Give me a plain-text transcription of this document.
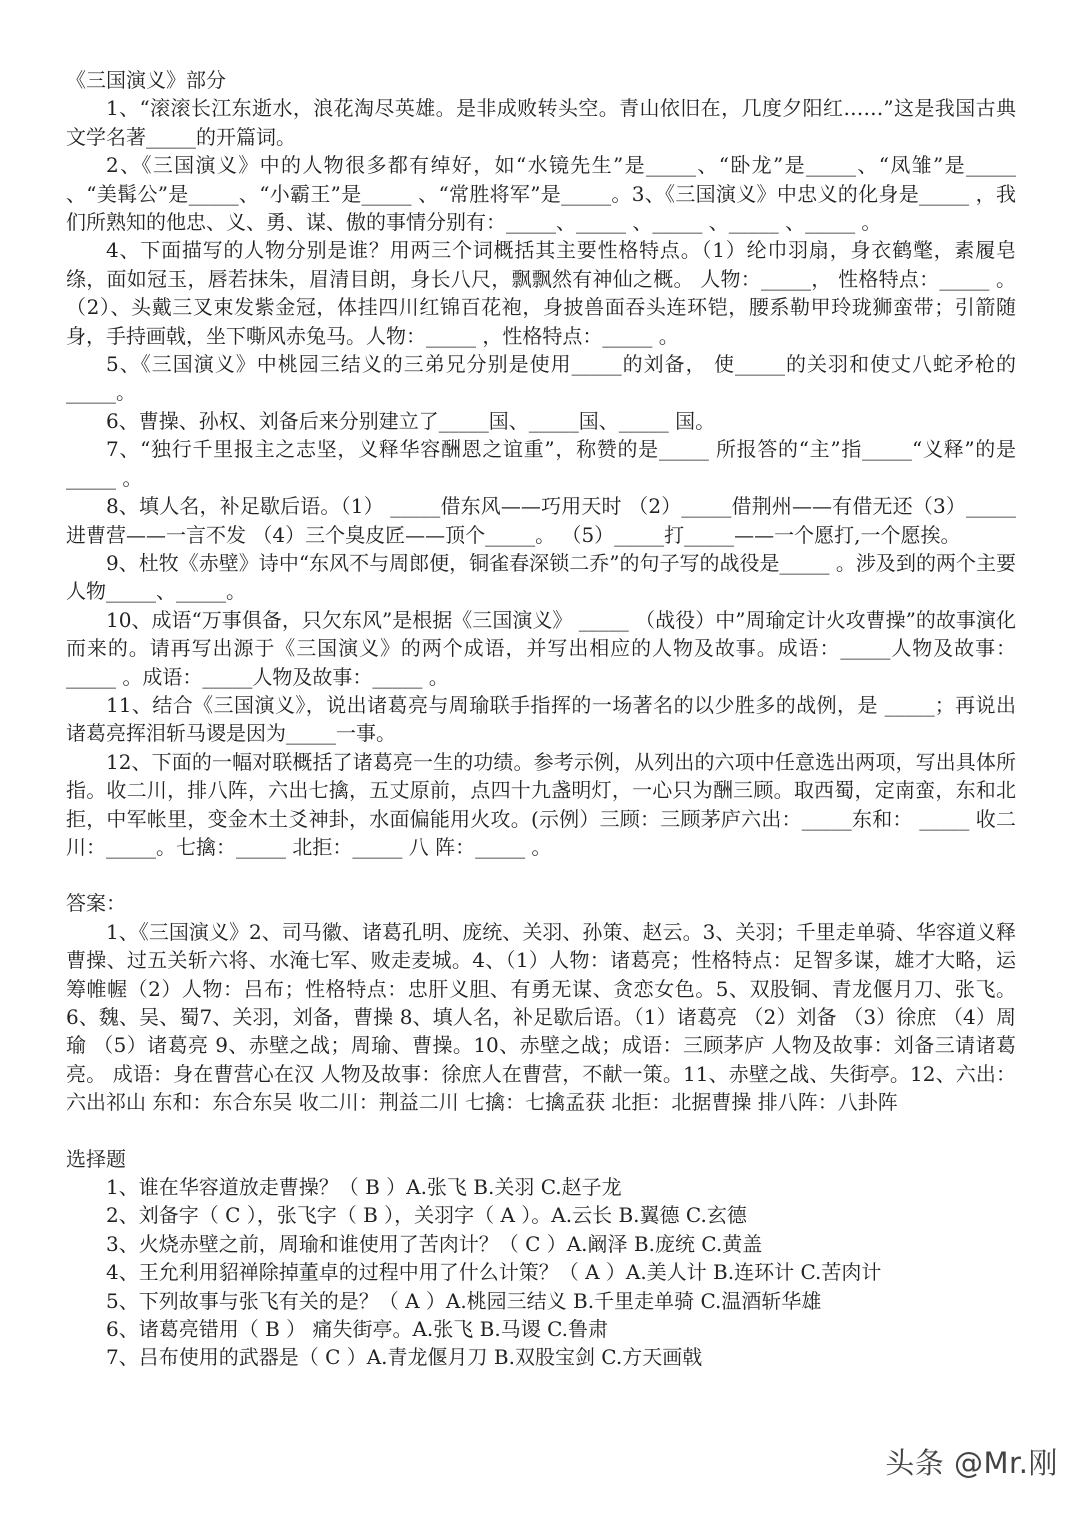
《三国演义》部分

1、“滚滚长江东逝水，浪花淘尽英雄。是非成败转头空。青山依旧在，几度夕阳红……”这是我国古典文学名著_____的开篇词。

2、《三国演义》中的人物很多都有绰好，如“水镜先生”是_____、“卧龙”是_____、“凤雏”是_____ 、“美髯公”是_____、“小霸王”是_____ 、“常胜将军”是_____。3、《三国演义》中忠义的化身是_____ ，我们所熟知的他忠、义、勇、谋、傲的事情分别有：_____、_____ 、_____ 、_____ 、_____ 。

4、下面描写的人物分别是谁？用两三个词概括其主要性格特点。（1）纶巾羽扇，身衣鹤氅，素履皂绦，面如冠玉，唇若抹朱，眉清目朗，身长八尺，飘飘然有神仙之概。 人物：_____， 性格特点：_____ 。（2）、头戴三叉束发紫金冠，体挂四川红锦百花袍，身披兽面吞头连环铠，腰系勒甲玲珑狮蛮带；引箭随身，手持画戟，坐下嘶风赤兔马。人物：_____ ，性格特点：_____ 。

5、《三国演义》中桃园三结义的三弟兄分别是使用_____的刘备， 使_____的关羽和使丈八蛇矛枪的_____。

6、曹操、孙权、刘备后来分别建立了_____国、_____国、_____ 国。

7、“独行千里报主之志坚，义释华容酬恩之谊重”，称赞的是_____ 所报答的“主”指_____“义释”的是_____ 。

8、填人名，补足歇后语。（1） _____借东风——巧用天时 （2）_____借荆州——有借无还（3）_____进曹营——一言不发 （4）三个臭皮匠——顶个_____。 （5）_____打_____——一个愿打,一个愿挨。

9、杜牧《赤壁》诗中“东风不与周郎便，铜雀春深锁二乔”的句子写的战役是_____ 。涉及到的两个主要人物_____、_____。

10、成语“万事俱备，只欠东风”是根据《三国演义》 _____ （战役）中”周瑜定计火攻曹操”的故事演化而来的。请再写出源于《三国演义》的两个成语，并写出相应的人物及故事。成语：_____人物及故事：_____ 。成语：_____人物及故事：_____ 。

11、结合《三国演义》，说出诸葛亮与周瑜联手指挥的一场著名的以少胜多的战例，是 _____；再说出诸葛亮挥泪斩马谡是因为_____一事。

12、下面的一幅对联概括了诸葛亮一生的功绩。参考示例，从列出的六项中任意选出两项，写出具体所指。收二川，排八阵，六出七擒，五丈原前，点四十九盏明灯，一心只为酬三顾。取西蜀，定南蛮，东和北拒，中军帐里，变金木土爻神卦，水面偏能用火攻。(示例）三顾：三顾茅庐六出：_____东和： _____ 收二川：_____。七擒：_____ 北拒：_____ 八 阵：_____ 。

答案：

1、《三国演义》2、司马徽、诸葛孔明、庞统、关羽、孙策、赵云。3、关羽；千里走单骑、华容道义释曹操、过五关斩六将、水淹七军、败走麦城。4、（1）人物：诸葛亮；性格特点：足智多谋，雄才大略，运筹帷幄（2）人物：吕布；性格特点：忠肝义胆、有勇无谋、贪恋女色。5、双股铜、青龙偃月刀、张飞。6、魏、吴、蜀7、关羽，刘备，曹操 8、填人名，补足歇后语。（1）诸葛亮 （2）刘备 （3）徐庶 （4）周瑜 （5）诸葛亮 9、赤壁之战；周瑜、曹操。10、赤壁之战；成语：三顾茅庐 人物及故事：刘备三请诸葛亮。 成语：身在曹营心在汉 人物及故事：徐庶人在曹营，不献一策。11、赤壁之战、失街亭。12、六出：六出祁山 东和：东合东吴 收二川：荆益二川 七擒：七擒孟获 北拒：北据曹操 排八阵：八卦阵

选择题

1、谁在华容道放走曹操？（ B ）A.张飞 B.关羽 C.赵子龙

2、刘备字（ C ），张飞字（ B ），关羽字（ A ）。A.云长 B.翼德 C.玄德

3、火烧赤壁之前，周瑜和谁使用了苦肉计？（ C ）A.阚泽 B.庞统 C.黄盖

4、王允利用貂禅除掉董卓的过程中用了什么计策？（ A ）A.美人计 B.连环计 C.苦肉计

5、下列故事与张飞有关的是？（ A ）A.桃园三结义 B.千里走单骑 C.温酒斩华雄

6、诸葛亮错用（ B ） 痛失街亭。A.张飞 B.马谡 C.鲁肃

7、吕布使用的武器是（ C ）A.青龙偃月刀 B.双股宝剑 C.方天画戟

头条 @Mr.刚
